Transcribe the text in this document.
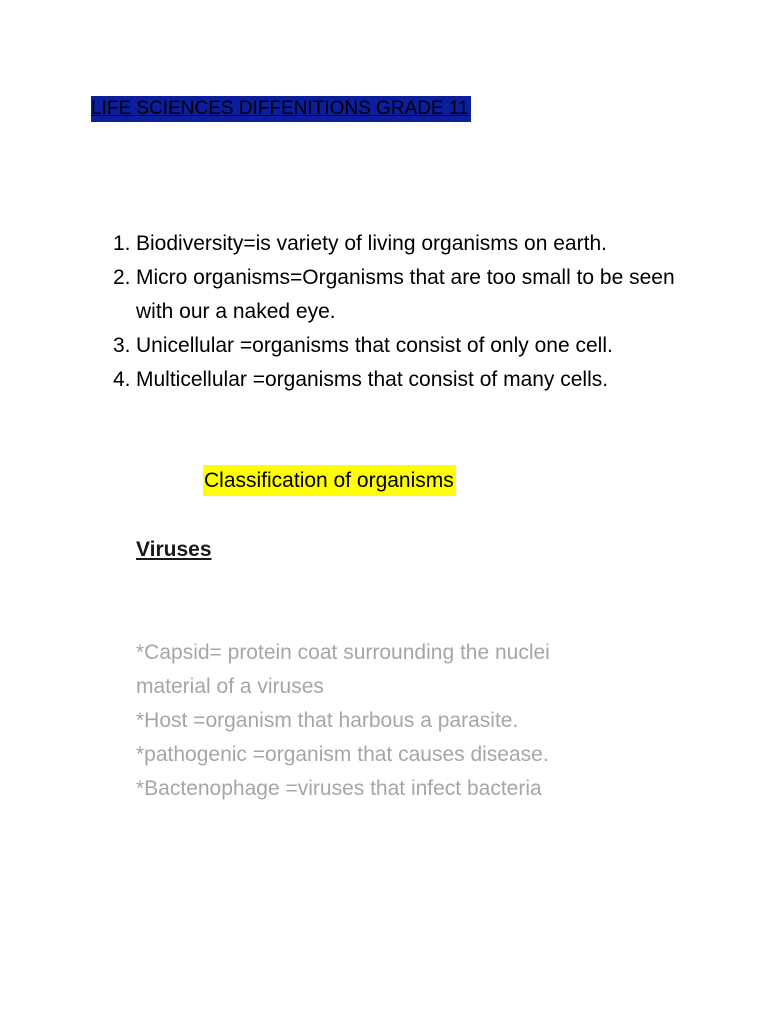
LIFE SCIENCES DIFFENITIONS GRADE 11
1. Biodiversity=is variety of living organisms on earth.
2. Micro organisms=Organisms that are too small to be seen with our a naked eye.
3. Unicellular =organisms that consist of only one cell.
4. Multicellular =organisms that consist of many cells.
Classification of organisms
Viruses

*Capsid= protein coat surrounding the nuclei material of a viruses
*Host =organism that harbous a parasite.
*pathogenic =organism that causes disease.
*Bactenophage =viruses that infect bacteria
